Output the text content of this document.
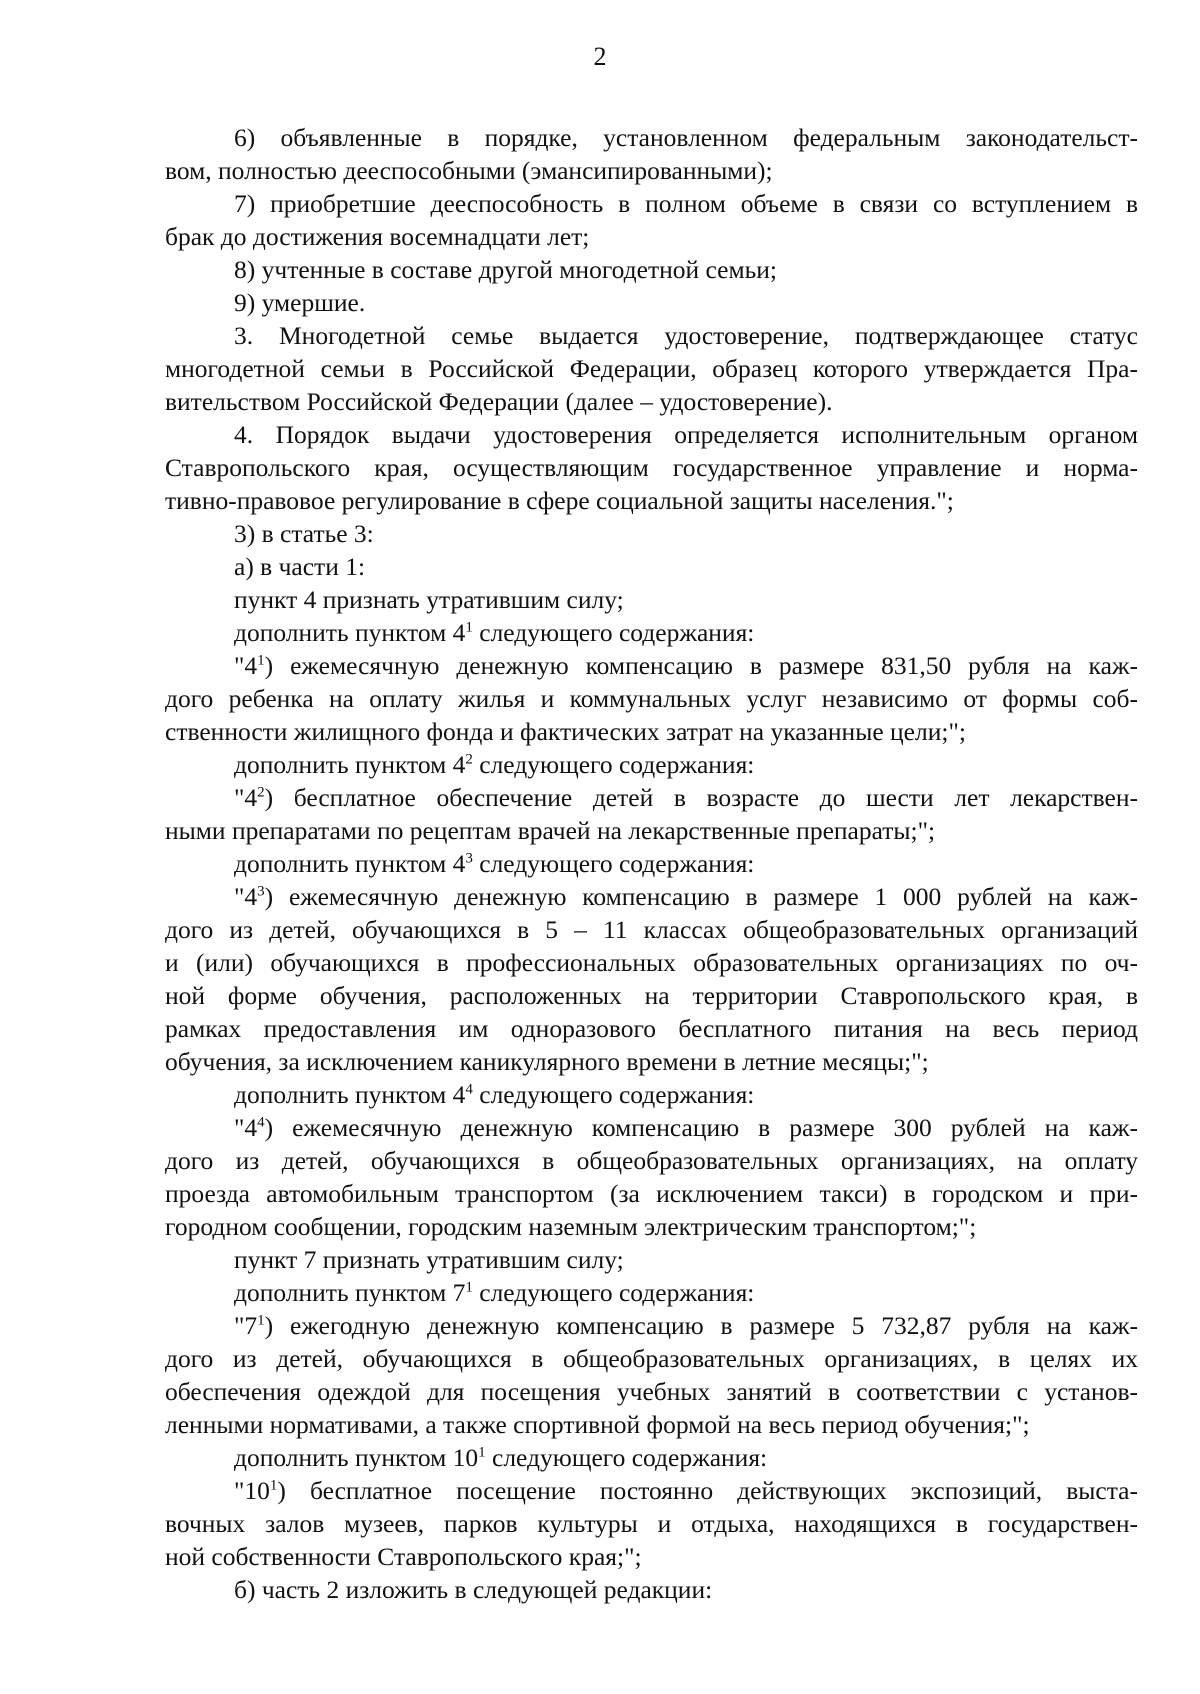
2
6) объявленные в порядке, установленном федеральным законодательст-
вом, полностью дееспособными (эмансипированными);
7) приобретшие дееспособность в полном объеме в связи со вступлением в
брак до достижения восемнадцати лет;
8) учтенные в составе другой многодетной семьи;
9) умершие.
3. Многодетной семье выдается удостоверение, подтверждающее статус
многодетной семьи в Российской Федерации, образец которого утверждается Пра-
вительством Российской Федерации (далее – удостоверение).
4. Порядок выдачи удостоверения определяется исполнительным органом
Ставропольского края, осуществляющим государственное управление и норма-
тивно-правовое регулирование в сфере социальной защиты населения.";
3) в статье 3:
а) в части 1:
пункт 4 признать утратившим силу;
дополнить пунктом $4^1$ следующего содержания:
"$4^1$) ежемесячную денежную компенсацию в размере 831,50 рубля на каж-
дого ребенка на оплату жилья и коммунальных услуг независимо от формы соб-
ственности жилищного фонда и фактических затрат на указанные цели;";
дополнить пунктом $4^2$ следующего содержания:
"$4^2$) бесплатное обеспечение детей в возрасте до шести лет лекарствен-
ными препаратами по рецептам врачей на лекарственные препараты;";
дополнить пунктом $4^3$ следующего содержания:
"$4^3$) ежемесячную денежную компенсацию в размере 1 000 рублей на каж-
дого из детей, обучающихся в 5 – 11 классах общеобразовательных организаций
и (или) обучающихся в профессиональных образовательных организациях по оч-
ной форме обучения, расположенных на территории Ставропольского края, в
рамках предоставления им одноразового бесплатного питания на весь период
обучения, за исключением каникулярного времени в летние месяцы;";
дополнить пунктом $4^4$ следующего содержания:
"$4^4$) ежемесячную денежную компенсацию в размере 300 рублей на каж-
дого из детей, обучающихся в общеобразовательных организациях, на оплату
проезда автомобильным транспортом (за исключением такси) в городском и при-
городном сообщении, городским наземным электрическим транспортом;";
пункт 7 признать утратившим силу;
дополнить пунктом $7^1$ следующего содержания:
"$7^1$) ежегодную денежную компенсацию в размере 5 732,87 рубля на каж-
дого из детей, обучающихся в общеобразовательных организациях, в целях их
обеспечения одеждой для посещения учебных занятий в соответствии с установ-
ленными нормативами, а также спортивной формой на весь период обучения;";
дополнить пунктом $10^1$ следующего содержания:
"$10^1$) бесплатное посещение постоянно действующих экспозиций, выста-
вочных залов музеев, парков культуры и отдыха, находящихся в государствен-
ной собственности Ставропольского края;";
б) часть 2 изложить в следующей редакции:
